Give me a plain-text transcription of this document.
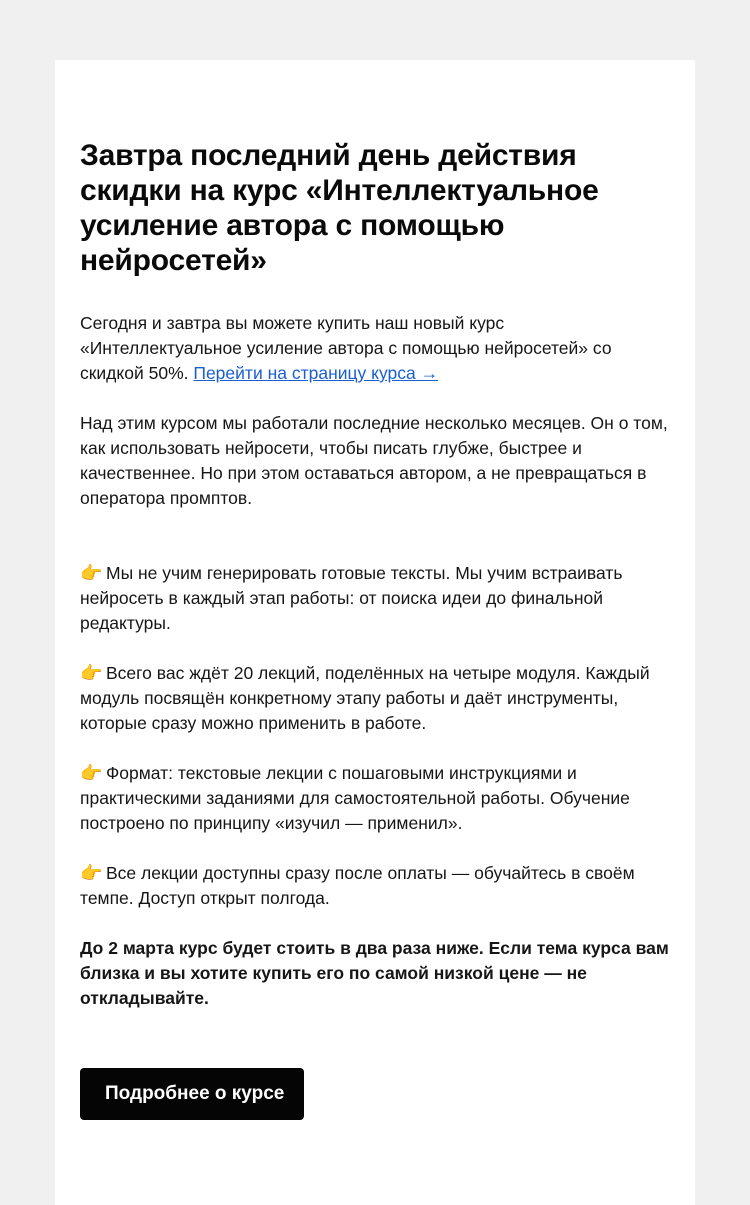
Завтра последний день действия скидки на курс «Интеллектуальное усиление автора с помощью нейросетей»

Сегодня и завтра вы можете купить наш новый курс «Интеллектуальное усиление автора с помощью нейросетей» со скидкой 50%. Перейти на страницу курса →

Над этим курсом мы работали последние несколько месяцев. Он о том, как использовать нейросети, чтобы писать глубже, быстрее и качественнее. Но при этом оставаться автором, а не превращаться в оператора промптов.

👉 Мы не учим генерировать готовые тексты. Мы учим встраивать нейросеть в каждый этап работы: от поиска идеи до финальной редактуры.

👉 Всего вас ждёт 20 лекций, поделённых на четыре модуля. Каждый модуль посвящён конкретному этапу работы и даёт инструменты, которые сразу можно применить в работе.

👉 Формат: текстовые лекции с пошаговыми инструкциями и практическими заданиями для самостоятельной работы. Обучение построено по принципу «изучил — применил».

👉 Все лекции доступны сразу после оплаты — обучайтесь в своём темпе. Доступ открыт полгода.

До 2 марта курс будет стоить в два раза ниже. Если тема курса вам близка и вы хотите купить его по самой низкой цене — не откладывайте.

Подробнее о курсе
